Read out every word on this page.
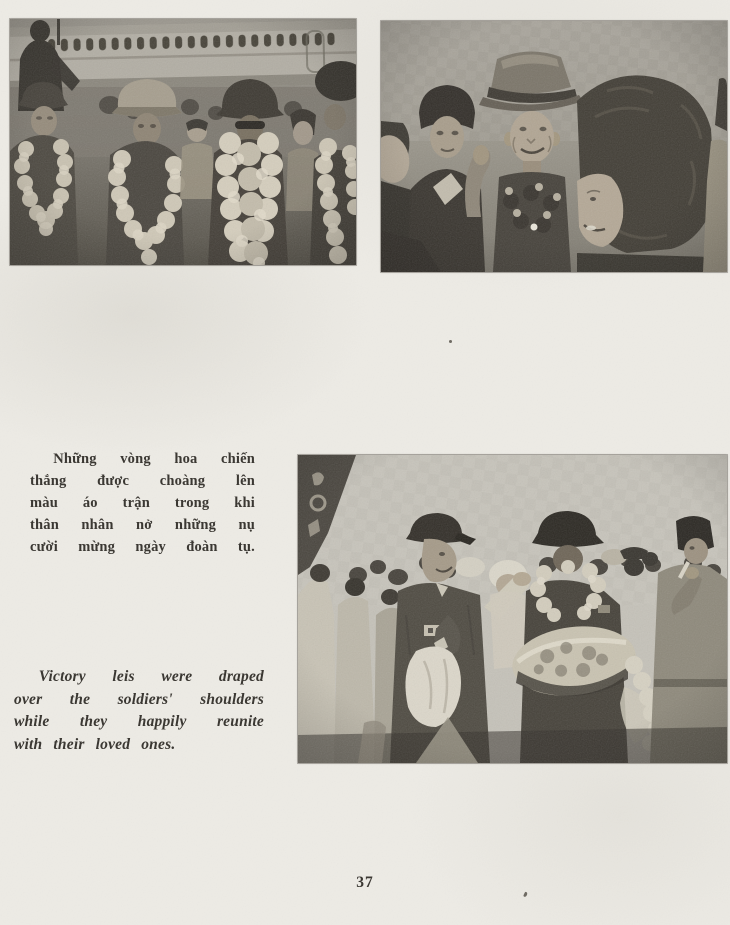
Những vòng hoa chiến
thắng được choàng lên
màu áo trận trong khi
thân nhân nở những nụ
cười mừng ngày đoàn tụ.
Victory leis were draped
over the soldiers' shoulders
while they happily reunite
with their loved ones.
37
